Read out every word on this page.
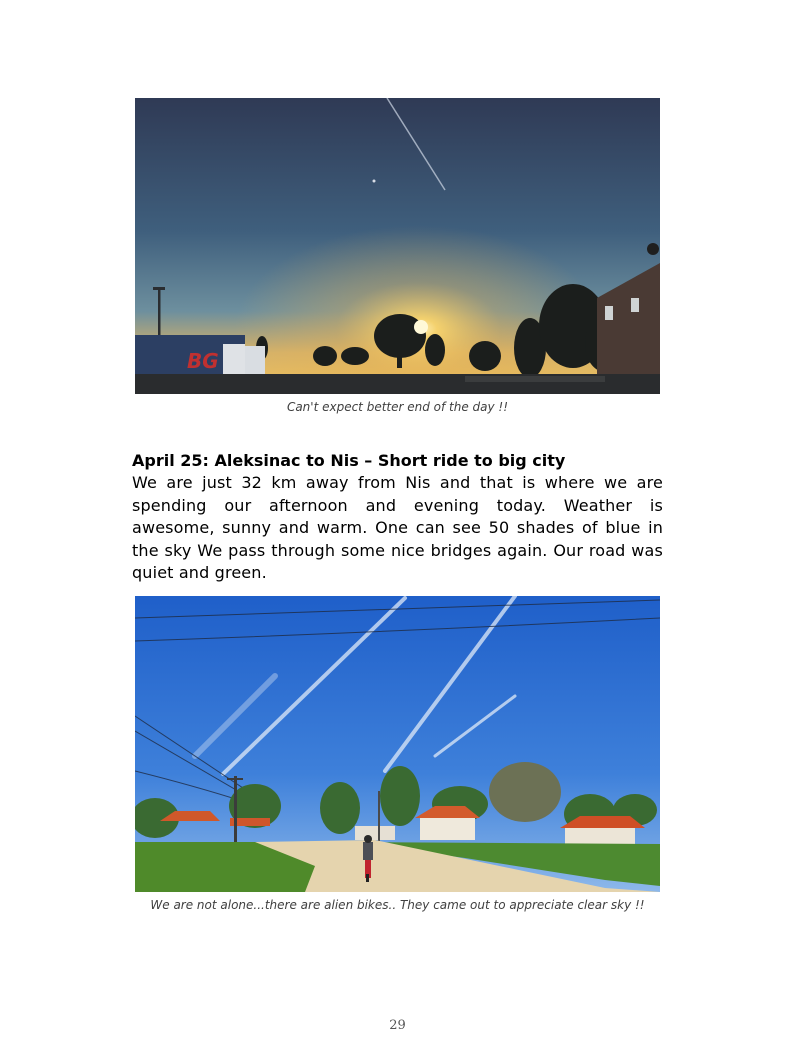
BG
Can't expect better end of the day !!
April 25: Aleksinac to Nis – Short ride to big city
We are just 32 km away from Nis and that is where we are spending our afternoon and evening today. Weather is awesome, sunny and warm. One can see 50 shades of blue in the sky We pass through some nice bridges again. Our road was quiet and green.
We are not alone...there are alien bikes.. They came out to appreciate clear sky !!
29
